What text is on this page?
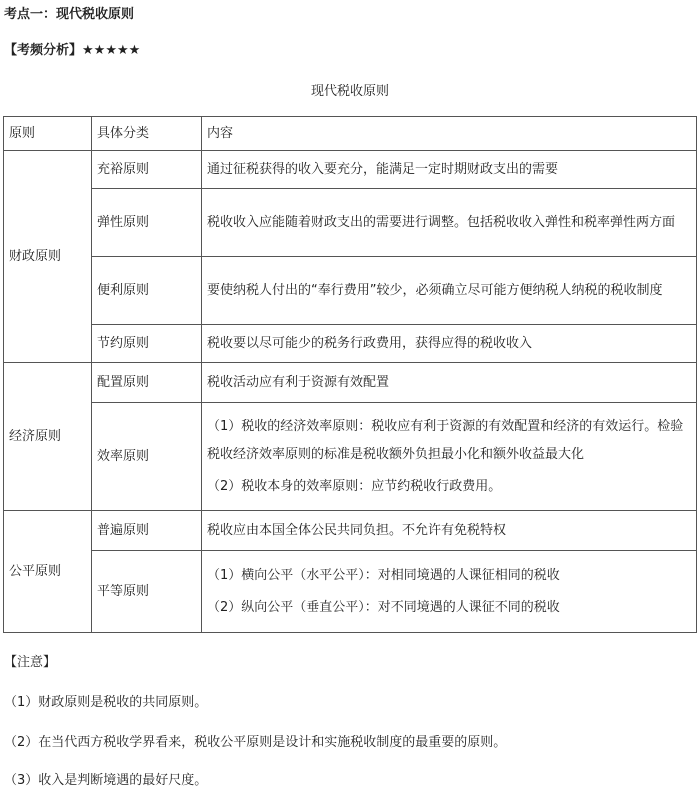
考点一：现代税收原则
【考频分析】★★★★★
现代税收原则
原则	具体分类	内容
财政原则	充裕原则	通过征税获得的收入要充分，能满足一定时期财政支出的需要

	弹性原则	税收收入应能随着财政支出的需要进行调整。包括税收收入弹性和税率弹性两方面

	便利原则	要使纳税人付出的“奉行费用”较少，必须确立尽可能方便纳税人纳税的税收制度

	节约原则	税收要以尽可能少的税务行政费用，获得应得的税收收入

经济原则	配置原则	税收活动应有利于资源有效配置

	效率原则	（1）税收的经济效率原则：税收应有利于资源的有效配置和经济的有效运行。检验税收经济效率原则的标准是税收额外负担最小化和额外收益最大化

（2）税收本身的效率原则：应节约税收行政费用。

公平原则	普遍原则	税收应由本国全体公民共同负担。不允许有免税特权

	平等原则	（1）横向公平（水平公平）：对相同境遇的人课征相同的税收

（2）纵向公平（垂直公平）：对不同境遇的人课征不同的税收

【注意】
（1）财政原则是税收的共同原则。
（2）在当代西方税收学界看来，税收公平原则是设计和实施税收制度的最重要的原则。
（3）收入是判断境遇的最好尺度。
